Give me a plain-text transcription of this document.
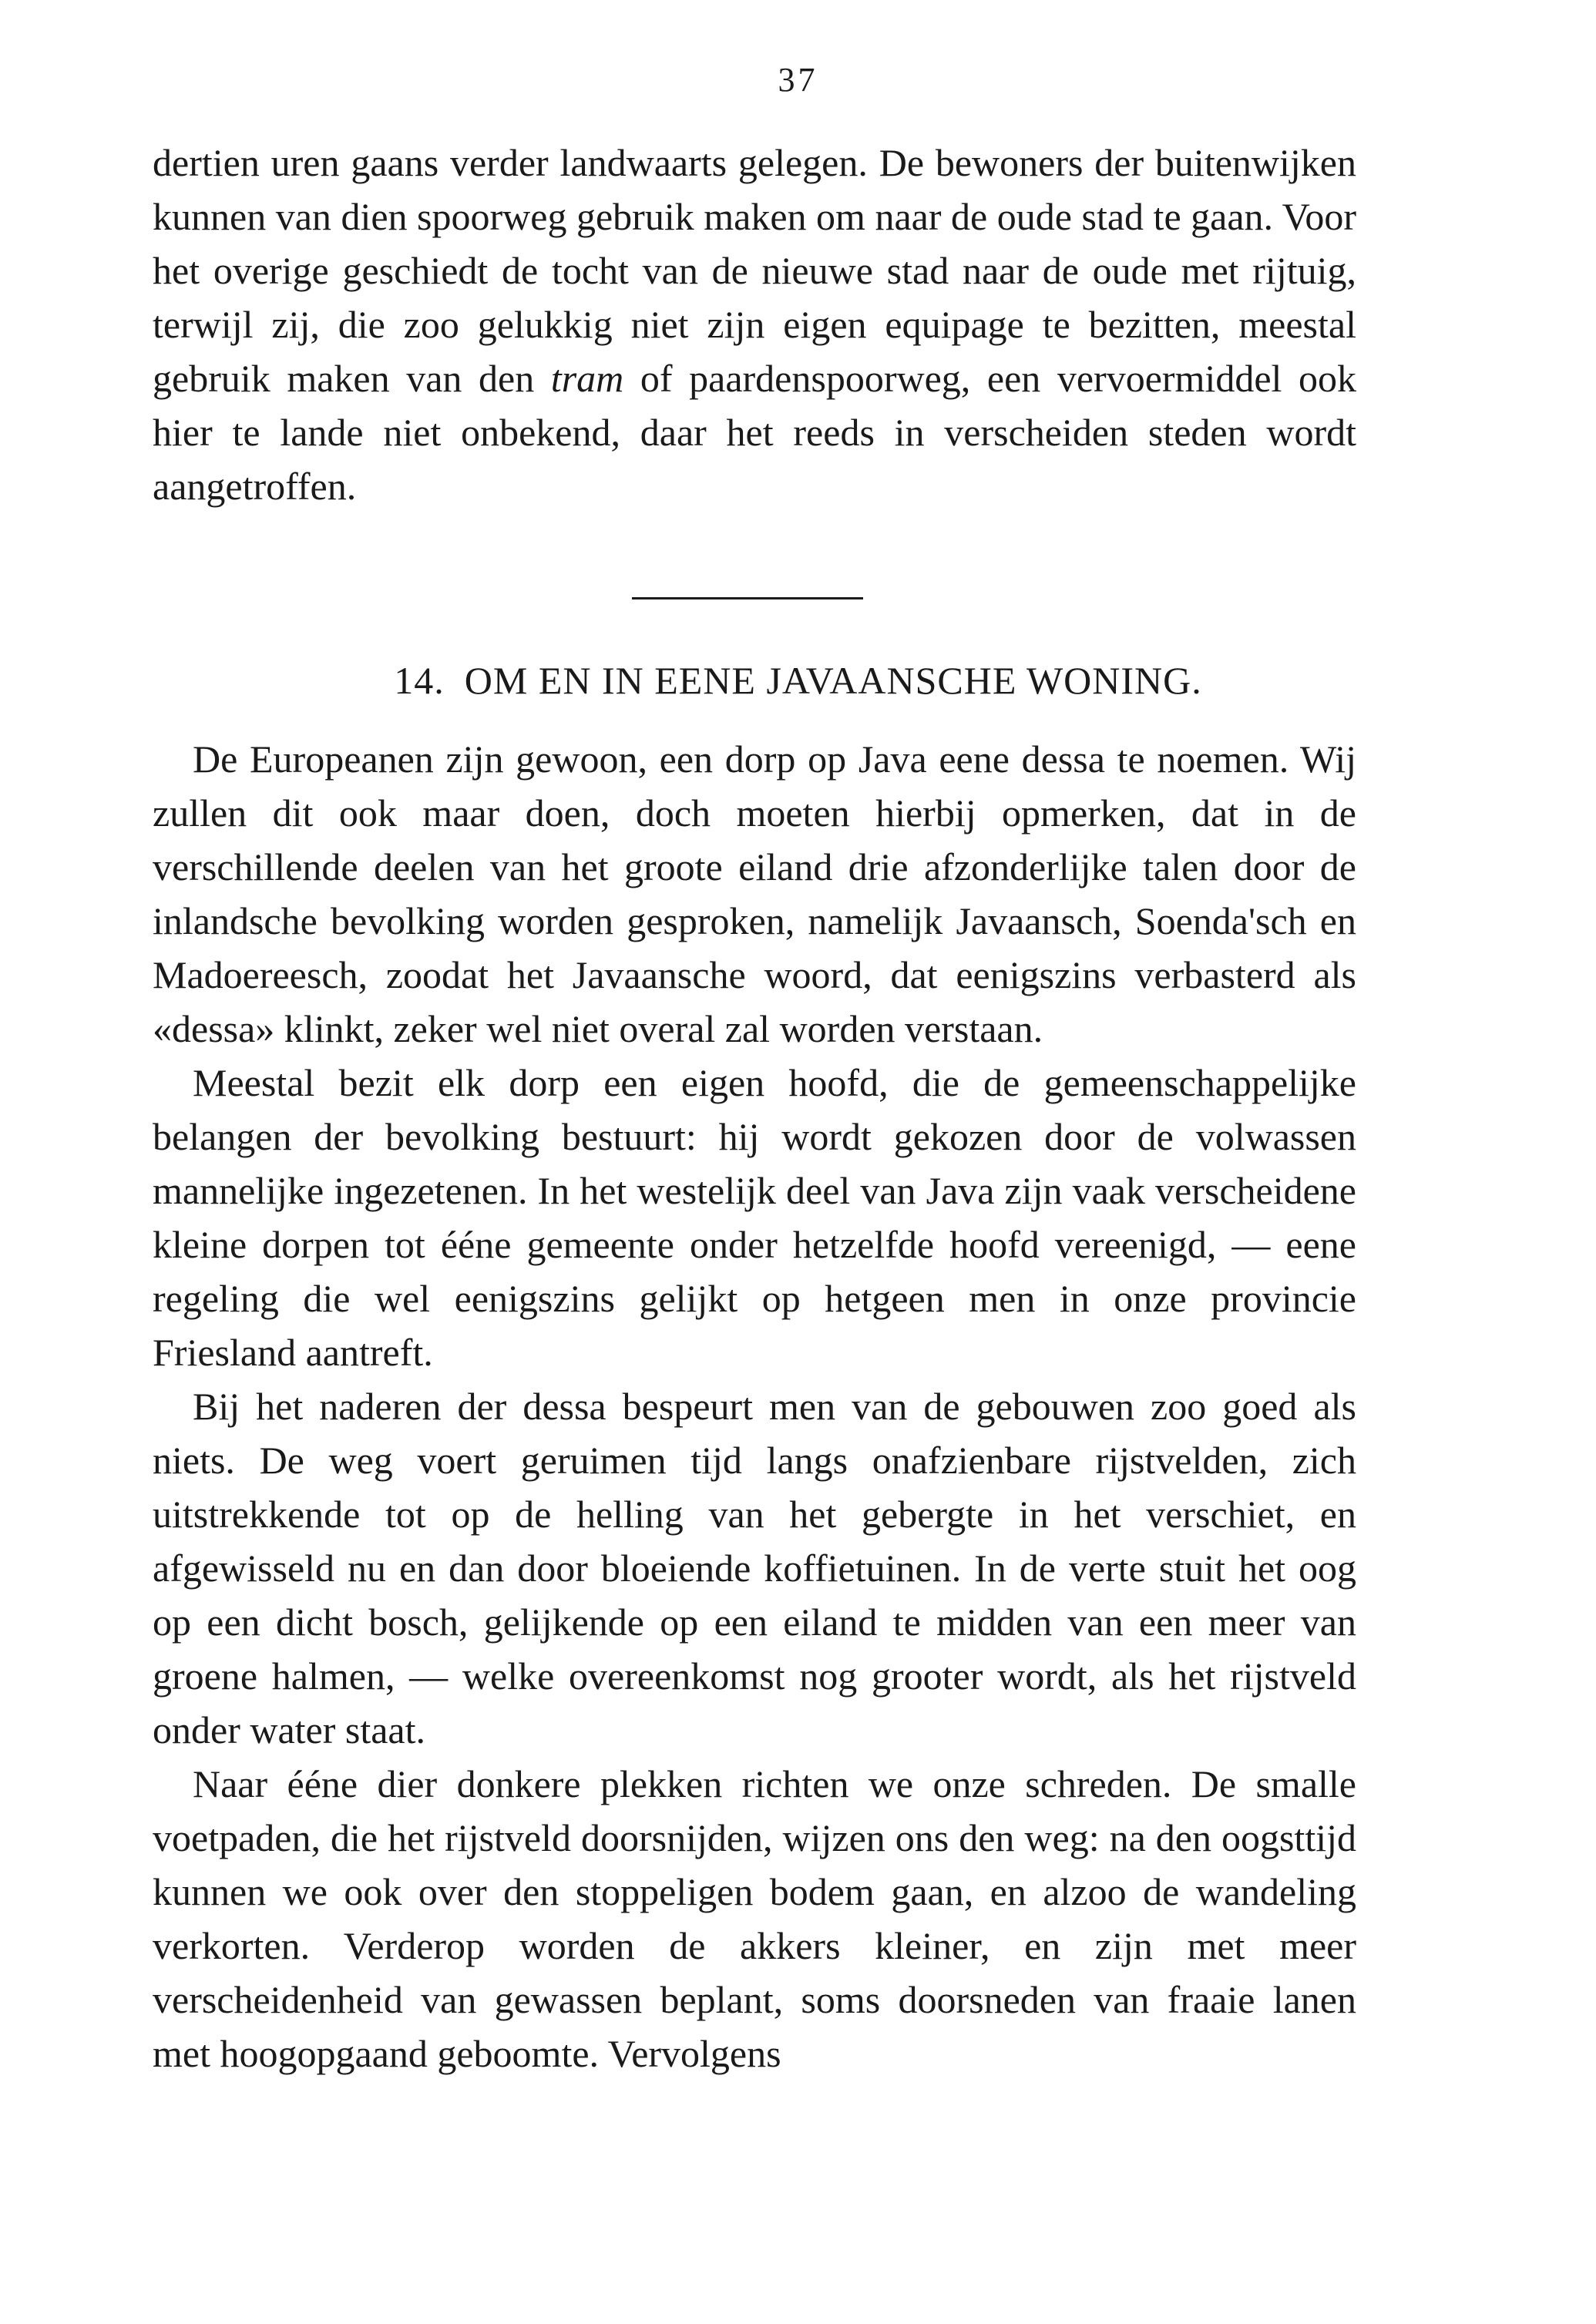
37

dertien uren gaans verder landwaarts gelegen. De bewoners der buitenwijken kunnen van dien spoorweg gebruik maken om naar de oude stad te gaan. Voor het overige geschiedt de tocht van de nieuwe stad naar de oude met rijtuig, terwijl zij, die zoo gelukkig niet zijn eigen equipage te bezitten, meestal gebruik maken van den tram of paardenspoorweg, een vervoermiddel ook hier te lande niet onbekend, daar het reeds in verscheiden steden wordt aangetroffen.

14. OM EN IN EENE JAVAANSCHE WONING.

De Europeanen zijn gewoon, een dorp op Java eene dessa te noemen. Wij zullen dit ook maar doen, doch moeten hierbij opmerken, dat in de verschillende deelen van het groote eiland drie afzonderlijke talen door de inlandsche bevolking worden gesproken, namelijk Javaansch, Soenda'sch en Madoereesch, zoodat het Javaansche woord, dat eenigszins verbasterd als «dessa» klinkt, zeker wel niet overal zal worden verstaan.

Meestal bezit elk dorp een eigen hoofd, die de gemeenschappelijke belangen der bevolking bestuurt: hij wordt gekozen door de volwassen mannelijke ingezetenen. In het westelijk deel van Java zijn vaak verscheidene kleine dorpen tot ééne gemeente onder hetzelfde hoofd vereenigd, — eene regeling die wel eenigszins gelijkt op hetgeen men in onze provincie Friesland aantreft.

Bij het naderen der dessa bespeurt men van de gebouwen zoo goed als niets. De weg voert geruimen tijd langs onafzienbare rijstvelden, zich uitstrekkende tot op de helling van het gebergte in het verschiet, en afgewisseld nu en dan door bloeiende koffietuinen. In de verte stuit het oog op een dicht bosch, gelijkende op een eiland te midden van een meer van groene halmen, — welke overeenkomst nog grooter wordt, als het rijstveld onder water staat.

Naar ééne dier donkere plekken richten we onze schreden. De smalle voetpaden, die het rijstveld doorsnijden, wijzen ons den weg: na den oogsttijd kunnen we ook over den stoppeligen bodem gaan, en alzoo de wandeling verkorten. Verderop worden de akkers kleiner, en zijn met meer verscheidenheid van gewassen beplant, soms doorsneden van fraaie lanen met hoogopgaand geboomte. Vervolgens
